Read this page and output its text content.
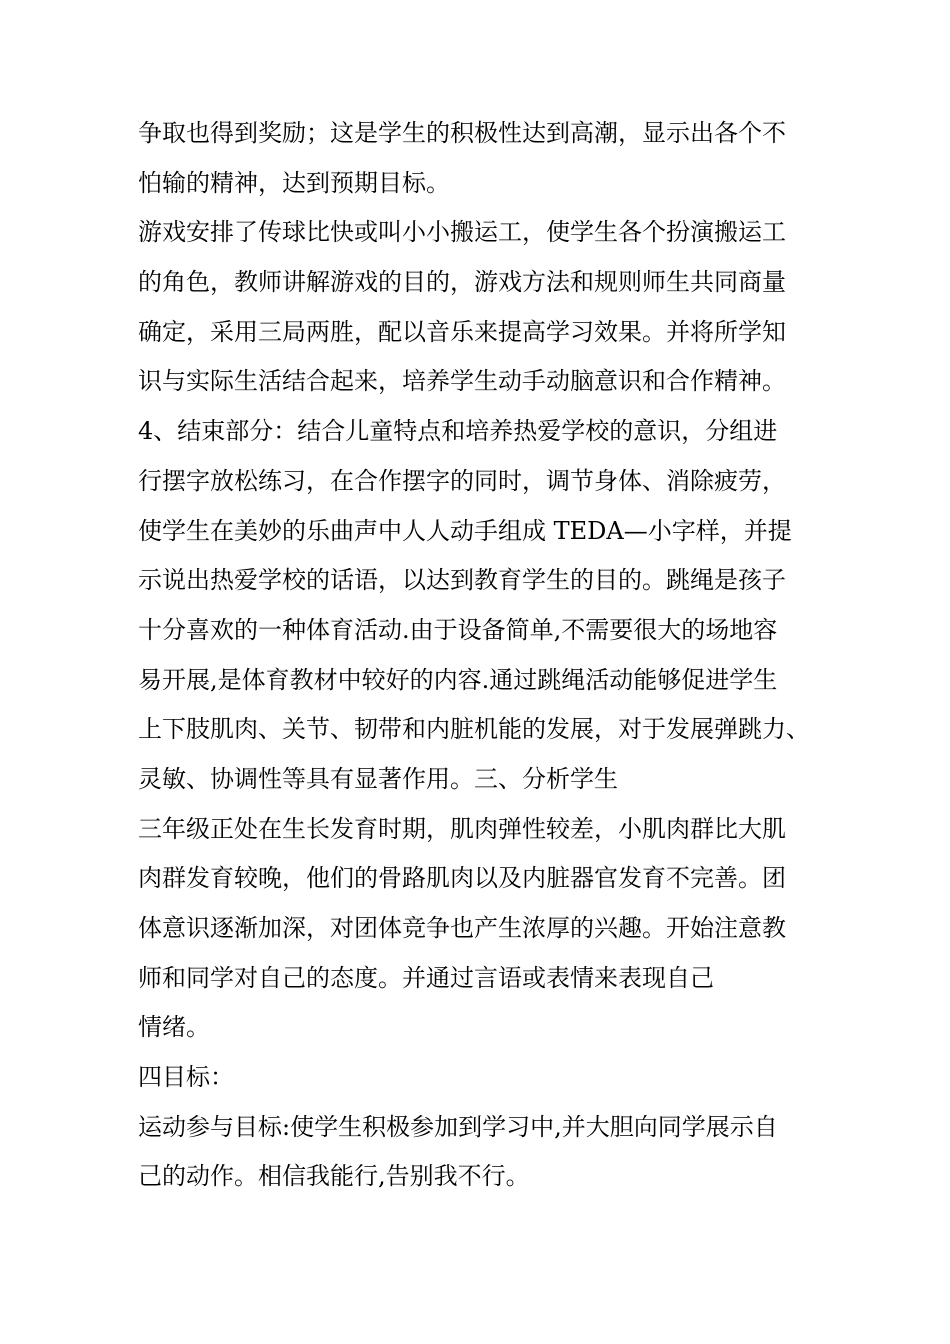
争取也得到奖励；这是学生的积极性达到高潮，显示出各个不
怕输的精神，达到预期目标。
游戏安排了传球比快或叫小小搬运工，使学生各个扮演搬运工
的角色，教师讲解游戏的目的，游戏方法和规则师生共同商量
确定，采用三局两胜，配以音乐来提高学习效果。并将所学知
识与实际生活结合起来，培养学生动手动脑意识和合作精神。
4、结束部分：结合儿童特点和培养热爱学校的意识，分组进
行摆字放松练习，在合作摆字的同时，调节身体、消除疲劳，
使学生在美妙的乐曲声中人人动手组成 TEDA—小字样，并提
示说出热爱学校的话语，以达到教育学生的目的。跳绳是孩子
十分喜欢的一种体育活动.由于设备简单,不需要很大的场地容
易开展,是体育教材中较好的内容.通过跳绳活动能够促进学生
上下肢肌肉、关节、韧带和内脏机能的发展，对于发展弹跳力、
灵敏、协调性等具有显著作用。三、分析学生
三年级正处在生长发育时期，肌肉弹性较差，小肌肉群比大肌
肉群发育较晚，他们的骨路肌肉以及内脏器官发育不完善。团
体意识逐渐加深，对团体竞争也产生浓厚的兴趣。开始注意教
师和同学对自己的态度。并通过言语或表情来表现自己
情绪。
四目标：
运动参与目标:使学生积极参加到学习中,并大胆向同学展示自
己的动作。相信我能行,告别我不行。
